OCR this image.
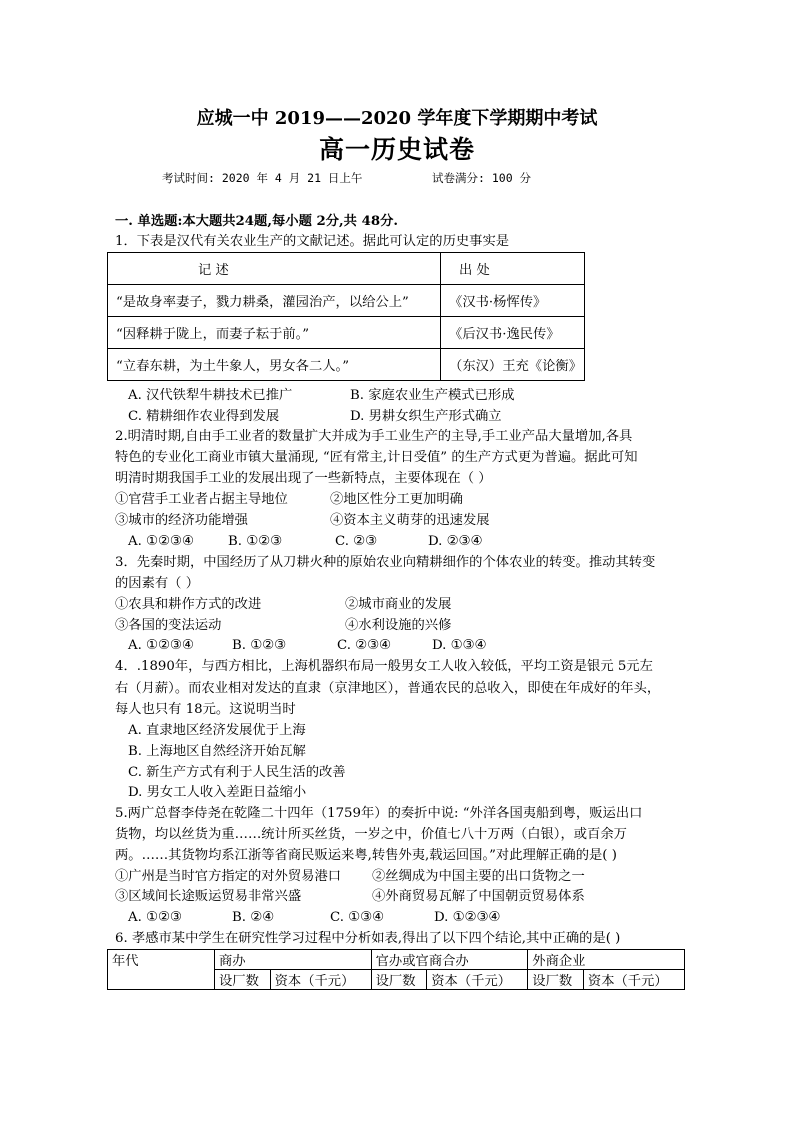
应城一中 2019——2020 学年度下学期期中考试
高一历史试卷
考试时间: 2020 年 4 月 21 日上午	试卷满分: 100 分
一. 单选题:本大题共24题,每小题 2分,共 48分.
1．下表是汉代有关农业生产的文献记述。据此可认定的历史事实是
记 述	出 处
“是故身率妻子，戮力耕桑，灌园治产，以给公上”	《汉书·杨恽传》
“因释耕于陇上，而妻子耘于前。”	《后汉书·逸民传》
“立春东耕，为土牛象人，男女各二人。”	（东汉）王充《论衡》
A. 汉代铁犁牛耕技术已推广	B. 家庭农业生产模式已形成
C. 精耕细作农业得到发展	D. 男耕女织生产形式确立
2.明清时期,自由手工业者的数量扩大并成为手工业生产的主导,手工业产品大量增加,各具
特色的专业化工商业市镇大量涌现, “匠有常主,计日受值” 的生产方式更为普遍。据此可知
明清时期我国手工业的发展出现了一些新特点，主要体现在（ ）
①官营手工业者占据主导地位	②地区性分工更加明确
③城市的经济功能增强	④资本主义萌芽的迅速发展
A. ①②③④	B. ①②③	C. ②③	D. ②③④
3．先秦时期，中国经历了从刀耕火种的原始农业向精耕细作的个体农业的转变。推动其转变
的因素有（ ）
①农具和耕作方式的改进	②城市商业的发展
③各国的变法运动	④水利设施的兴修
A. ①②③④	B. ①②③	C. ②③④	D. ①③④
4．.1890年，与西方相比，上海机器织布局一般男女工人收入较低，平均工资是银元 5元左
右（月薪）。而农业相对发达的直隶（京津地区），普通农民的总收入，即使在年成好的年头，
每人也只有 18元。这说明当时
A. 直隶地区经济发展优于上海
B. 上海地区自然经济开始瓦解
C. 新生产方式有利于人民生活的改善
D. 男女工人收入差距日益缩小
5.两广总督李侍尧在乾隆二十四年（1759年）的奏折中说: “外洋各国夷船到粤，贩运出口
货物，均以丝货为重……统计所买丝货，一岁之中，价值七八十万两（白银），或百余万
两。……其货物均系江浙等省商民贩运来粤,转售外夷,载运回国。”对此理解正确的是( )
①广州是当时官方指定的对外贸易港口 ②丝绸成为中国主要的出口货物之一
③区域间长途贩运贸易非常兴盛	④外商贸易瓦解了中国朝贡贸易体系
A. ①②③	B. ②④	C. ①③④	D. ①②③④
6. 孝感市某中学生在研究性学习过程中分析如表,得出了以下四个结论,其中正确的是( )
年代	商办		官办或官商合办		外商企业	
	设厂数	资本（千元）	设厂数	资本（千元）	设厂数	资本（千元）
